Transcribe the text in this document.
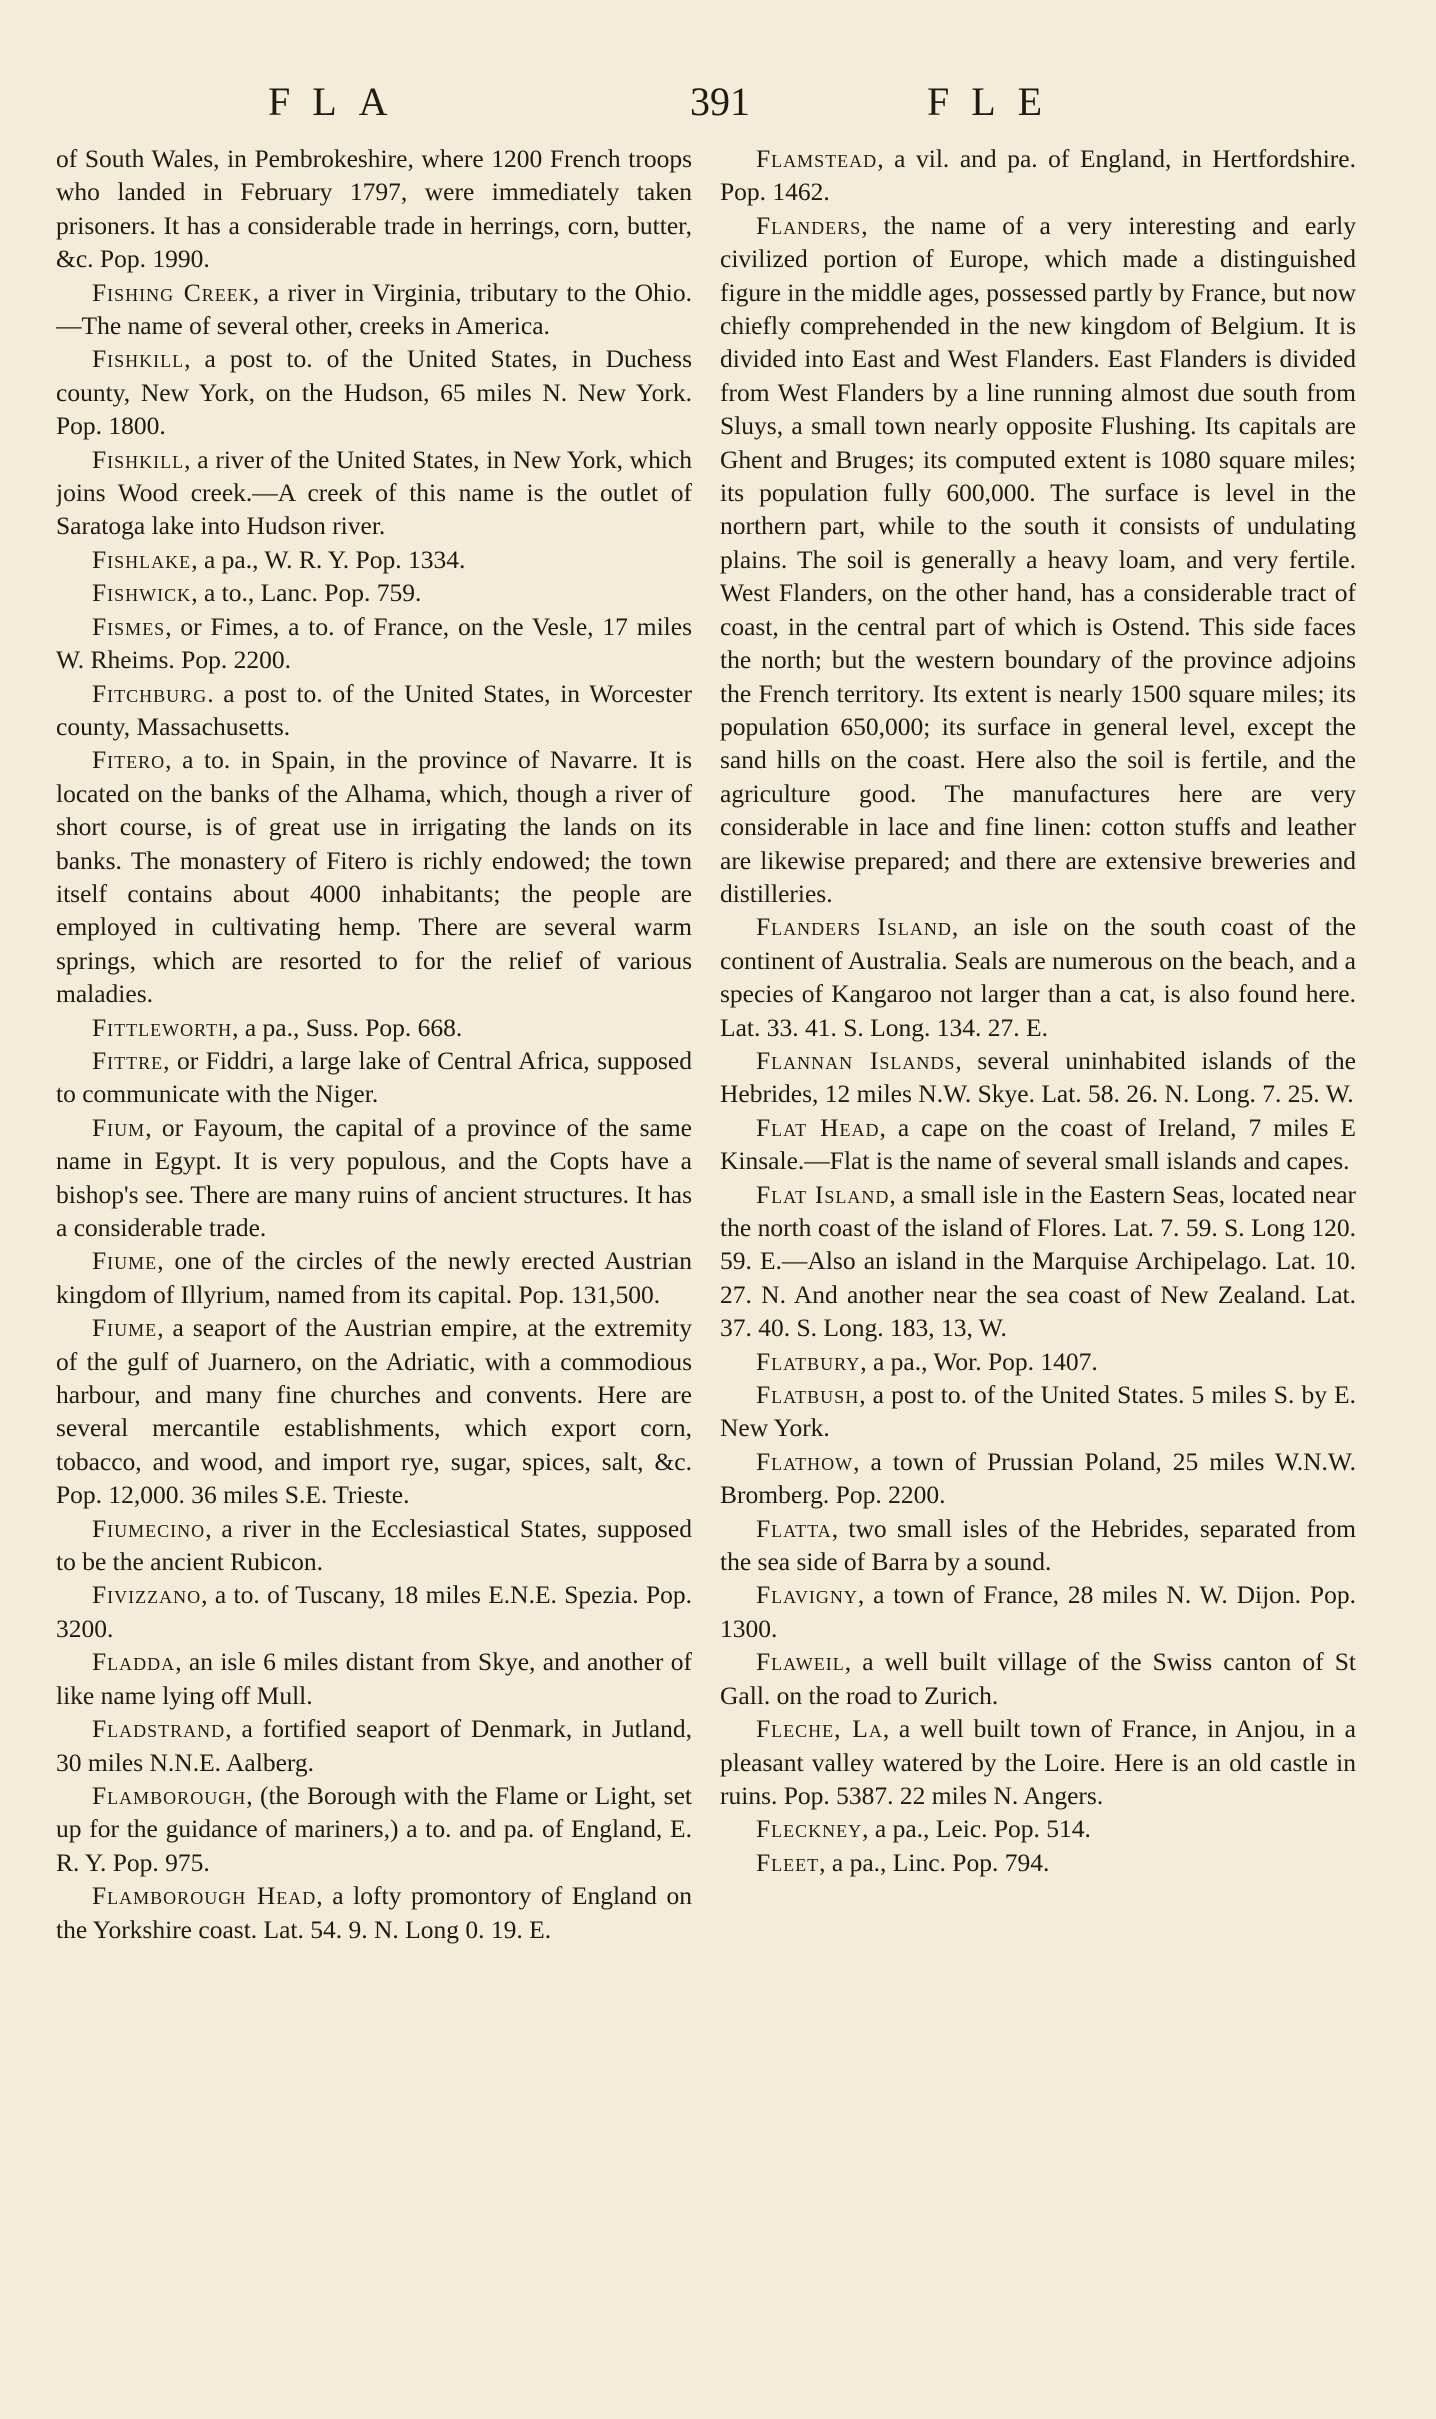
FLA	391	FLE

of South Wales, in Pembrokeshire, where 1200 French troops who landed in February 1797, were immediately taken prisoners. It has a considerable trade in herrings, corn, butter, &c. Pop. 1990.

Fishing Creek, a river in Virginia, tributary to the Ohio.—The name of several other, creeks in America.

Fishkill, a post to. of the United States, in Duchess county, New York, on the Hudson, 65 miles N. New York. Pop. 1800.

Fishkill, a river of the United States, in New York, which joins Wood creek.—A creek of this name is the outlet of Saratoga lake into Hudson river.

Fishlake, a pa., W. R. Y. Pop. 1334.

Fishwick, a to., Lanc. Pop. 759.

Fismes, or Fimes, a to. of France, on the Vesle, 17 miles W. Rheims. Pop. 2200.

Fitchburg. a post to. of the United States, in Worcester county, Massachusetts.

Fitero, a to. in Spain, in the province of Navarre. It is located on the banks of the Alhama, which, though a river of short course, is of great use in irrigating the lands on its banks. The monastery of Fitero is richly endowed; the town itself contains about 4000 inhabitants; the people are employed in cultivating hemp. There are several warm springs, which are resorted to for the relief of various maladies.

Fittleworth, a pa., Suss. Pop. 668.

Fittre, or Fiddri, a large lake of Central Africa, supposed to communicate with the Niger.

Fium, or Fayoum, the capital of a province of the same name in Egypt. It is very populous, and the Copts have a bishop's see. There are many ruins of ancient structures. It has a considerable trade.

Fiume, one of the circles of the newly erected Austrian kingdom of Illyrium, named from its capital. Pop. 131,500.

Fiume, a seaport of the Austrian empire, at the extremity of the gulf of Juarnero, on the Adriatic, with a commodious harbour, and many fine churches and convents. Here are several mercantile establishments, which export corn, tobacco, and wood, and import rye, sugar, spices, salt, &c. Pop. 12,000. 36 miles S.E. Trieste.

Fiumecino, a river in the Ecclesiastical States, supposed to be the ancient Rubicon.

Fivizzano, a to. of Tuscany, 18 miles E.N.E. Spezia. Pop. 3200.

Fladda, an isle 6 miles distant from Skye, and another of like name lying off Mull.

Fladstrand, a fortified seaport of Denmark, in Jutland, 30 miles N.N.E. Aalberg.

Flamborough, (the Borough with the Flame or Light, set up for the guidance of mariners,) a to. and pa. of England, E. R. Y. Pop. 975.

Flamborough Head, a lofty promontory of England on the Yorkshire coast. Lat. 54. 9. N. Long 0. 19. E.

Flamstead, a vil. and pa. of England, in Hertfordshire. Pop. 1462.

Flanders, the name of a very interesting and early civilized portion of Europe, which made a distinguished figure in the middle ages, possessed partly by France, but now chiefly comprehended in the new kingdom of Belgium. It is divided into East and West Flanders. East Flanders is divided from West Flanders by a line running almost due south from Sluys, a small town nearly opposite Flushing. Its capitals are Ghent and Bruges; its computed extent is 1080 square miles; its population fully 600,000. The surface is level in the northern part, while to the south it consists of undulating plains. The soil is generally a heavy loam, and very fertile. West Flanders, on the other hand, has a considerable tract of coast, in the central part of which is Ostend. This side faces the north; but the western boundary of the province adjoins the French territory. Its extent is nearly 1500 square miles; its population 650,000; its surface in general level, except the sand hills on the coast. Here also the soil is fertile, and the agriculture good. The manufactures here are very considerable in lace and fine linen: cotton stuffs and leather are likewise prepared; and there are extensive breweries and distilleries.

Flanders Island, an isle on the south coast of the continent of Australia. Seals are numerous on the beach, and a species of Kangaroo not larger than a cat, is also found here. Lat. 33. 41. S. Long. 134. 27. E.

Flannan Islands, several uninhabited islands of the Hebrides, 12 miles N.W. Skye. Lat. 58. 26. N. Long. 7. 25. W.

Flat Head, a cape on the coast of Ireland, 7 miles E Kinsale.—Flat is the name of several small islands and capes.

Flat Island, a small isle in the Eastern Seas, located near the north coast of the island of Flores. Lat. 7. 59. S. Long 120. 59. E.—Also an island in the Marquise Archipelago. Lat. 10. 27. N. And another near the sea coast of New Zealand. Lat. 37. 40. S. Long. 183, 13, W.

Flatbury, a pa., Wor. Pop. 1407.

Flatbush, a post to. of the United States. 5 miles S. by E. New York.

Flathow, a town of Prussian Poland, 25 miles W.N.W. Bromberg. Pop. 2200.

Flatta, two small isles of the Hebrides, separated from the sea side of Barra by a sound.

Flavigny, a town of France, 28 miles N. W. Dijon. Pop. 1300.

Flaweil, a well built village of the Swiss canton of St Gall. on the road to Zurich.

Fleche, La, a well built town of France, in Anjou, in a pleasant valley watered by the Loire. Here is an old castle in ruins. Pop. 5387. 22 miles N. Angers.

Fleckney, a pa., Leic. Pop. 514.

Fleet, a pa., Linc. Pop. 794.
